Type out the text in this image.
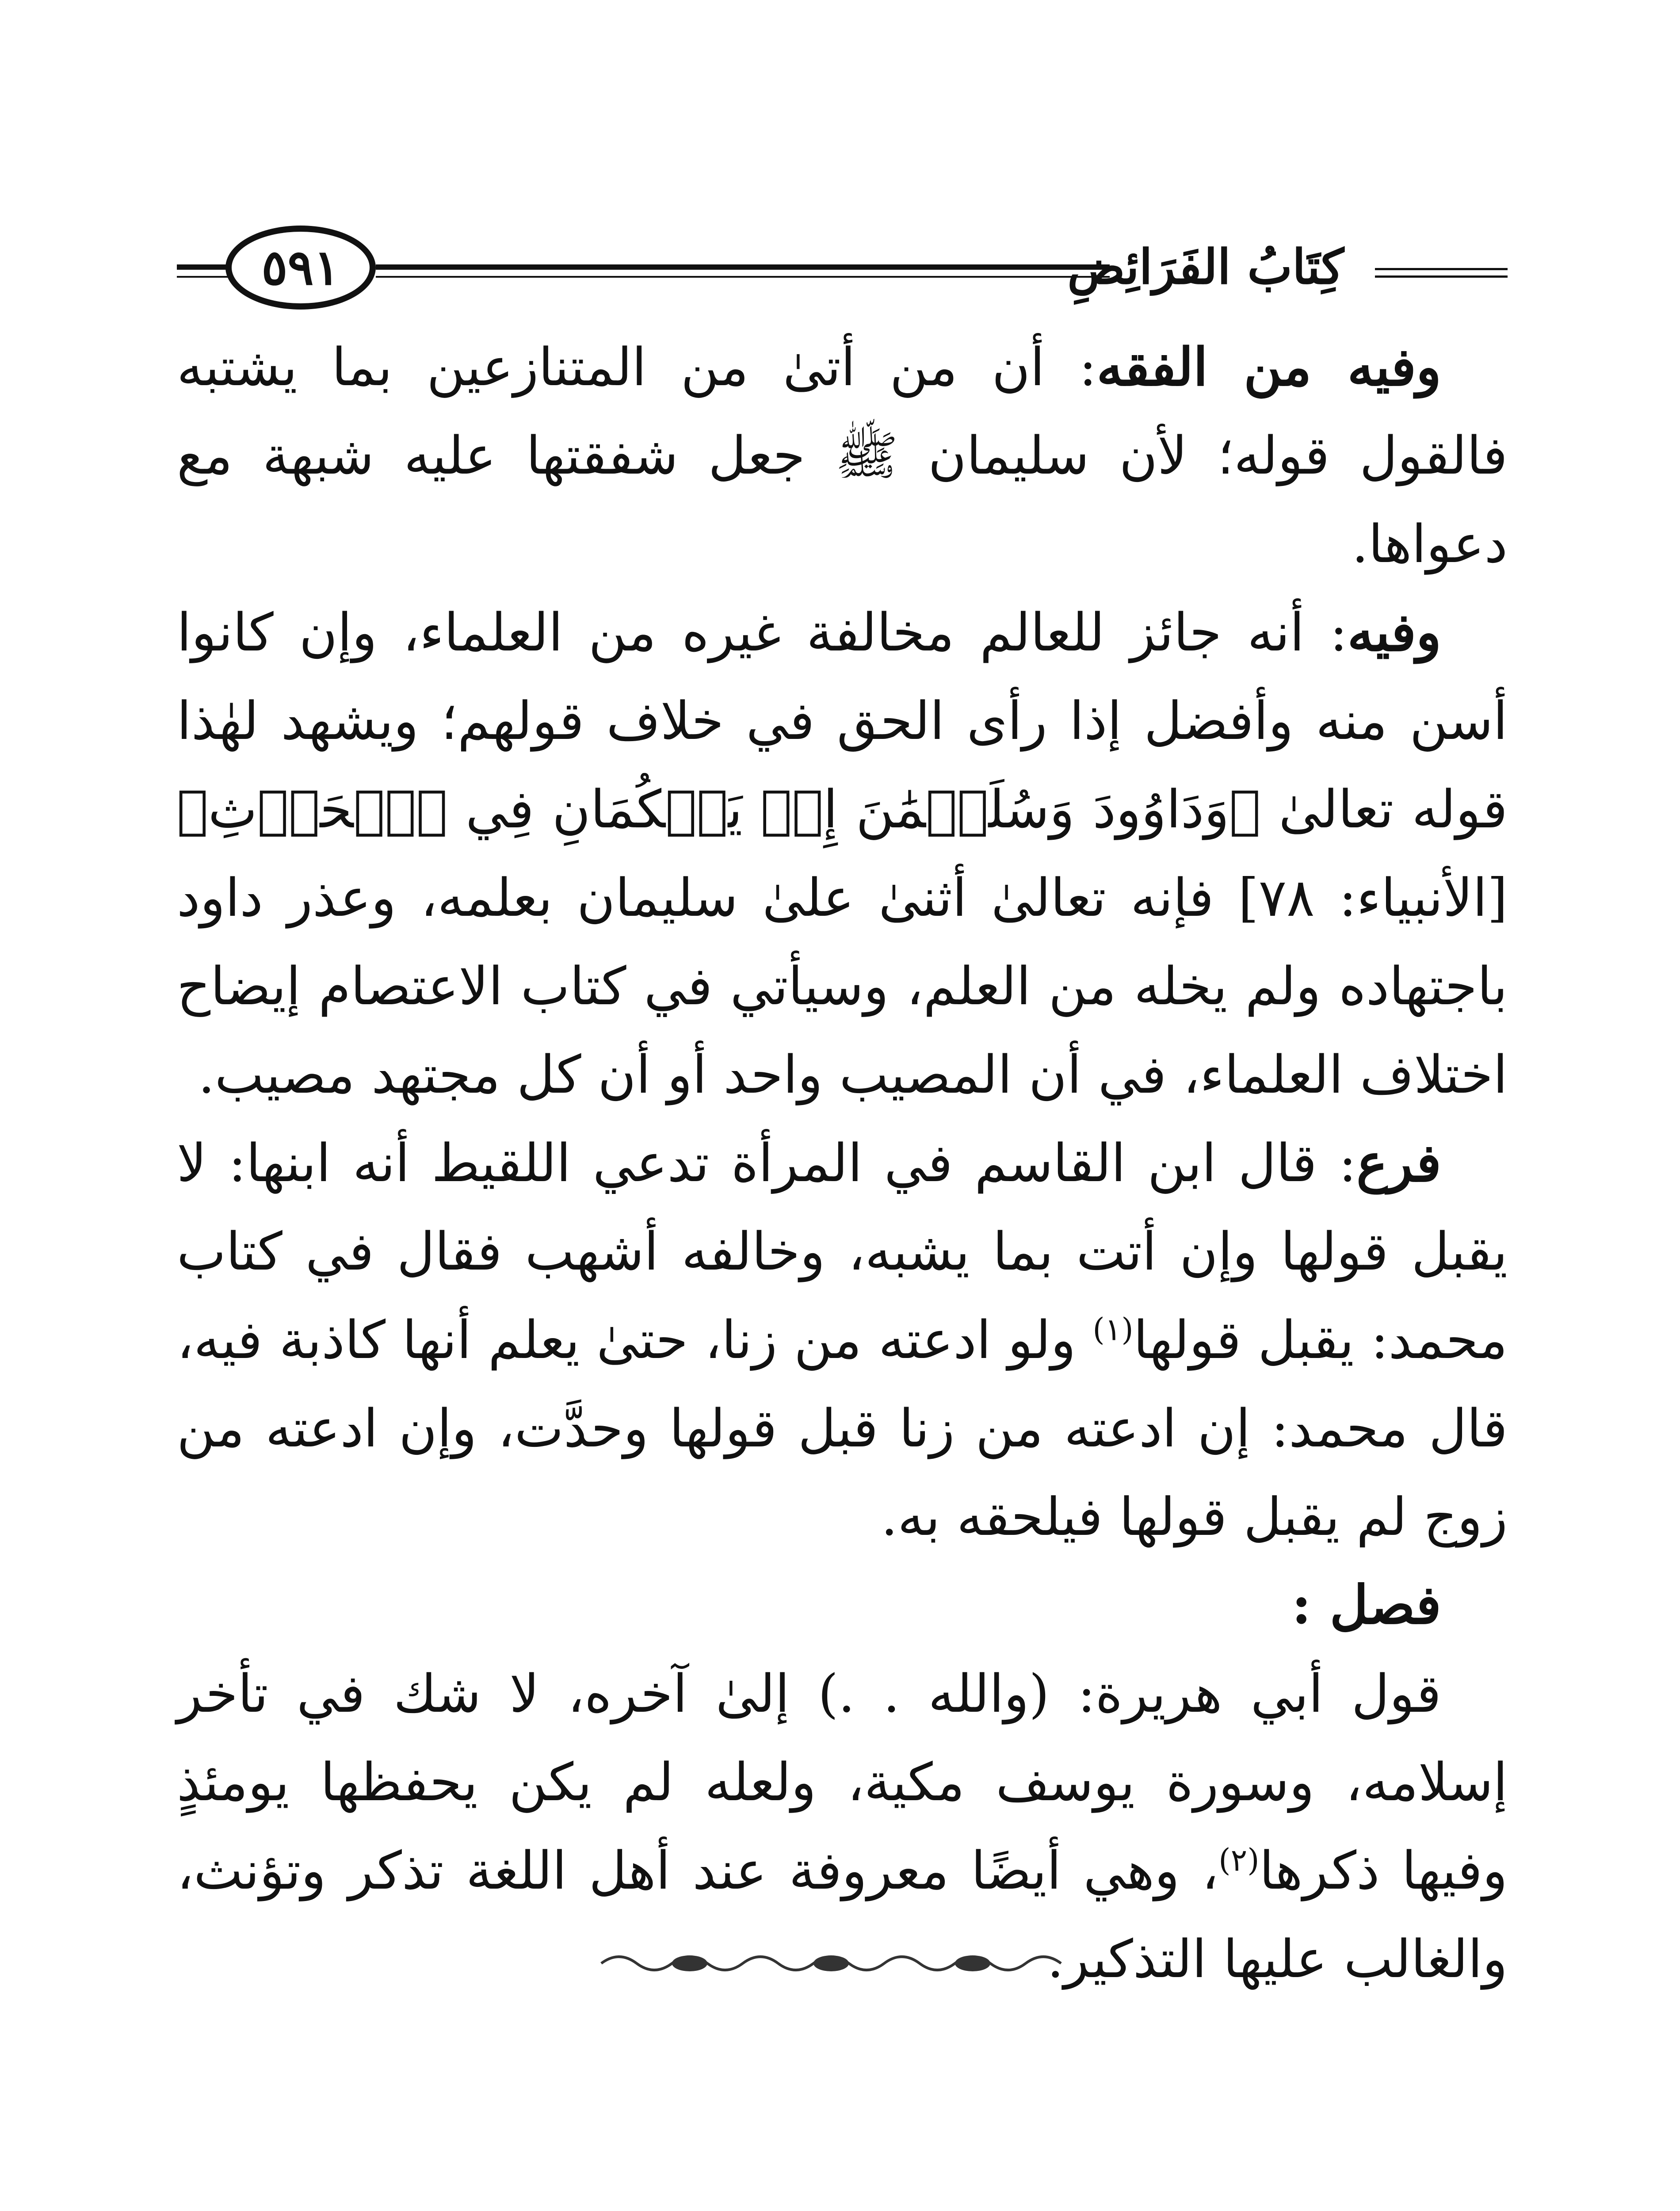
كِتَابُ الفَرَائِضِ
٥٩١

وفيه من الفقه: أن من أتىٰ من المتنازعين بما يشتبه فالقول قوله؛ لأن سليمان ﷺ جعل شفقتها عليه شبهة مع دعواها.

وفيه: أنه جائز للعالم مخالفة غيره من العلماء، وإن كانوا أسن منه وأفضل إذا رأى الحق في خلاف قولهم؛ ويشهد لهٰذا قوله تعالىٰ ﴿وَدَاوُودَ وَسُلَيۡمَٰنَ إِذۡ يَحۡكُمَانِ فِي ٱلۡحَرۡثِ﴾ [الأنبياء: ٧٨] فإنه تعالىٰ أثنىٰ علىٰ سليمان بعلمه، وعذر داود باجتهاده ولم يخله من العلم، وسيأتي في كتاب الاعتصام إيضاح اختلاف العلماء، في أن المصيب واحد أو أن كل مجتهد مصيب.

فرع: قال ابن القاسم في المرأة تدعي اللقيط أنه ابنها: لا يقبل قولها وإن أتت بما يشبه، وخالفه أشهب فقال في كتاب محمد: يقبل قولها$^{(١)}$ ولو ادعته من زنا، حتىٰ يعلم أنها كاذبة فيه، قال محمد: إن ادعته من زنا قبل قولها وحدَّت، وإن ادعته من زوج لم يقبل قولها فيلحقه به.

فصل :

قول أبي هريرة: (والله . .) إلىٰ آخره، لا شك في تأخر إسلامه، وسورة يوسف مكية، ولعله لم يكن يحفظها يومئذٍ وفيها ذكرها$^{(٢)}$، وهي أيضًا معروفة عند أهل اللغة تذكر وتؤنث، والغالب عليها التذكير.
